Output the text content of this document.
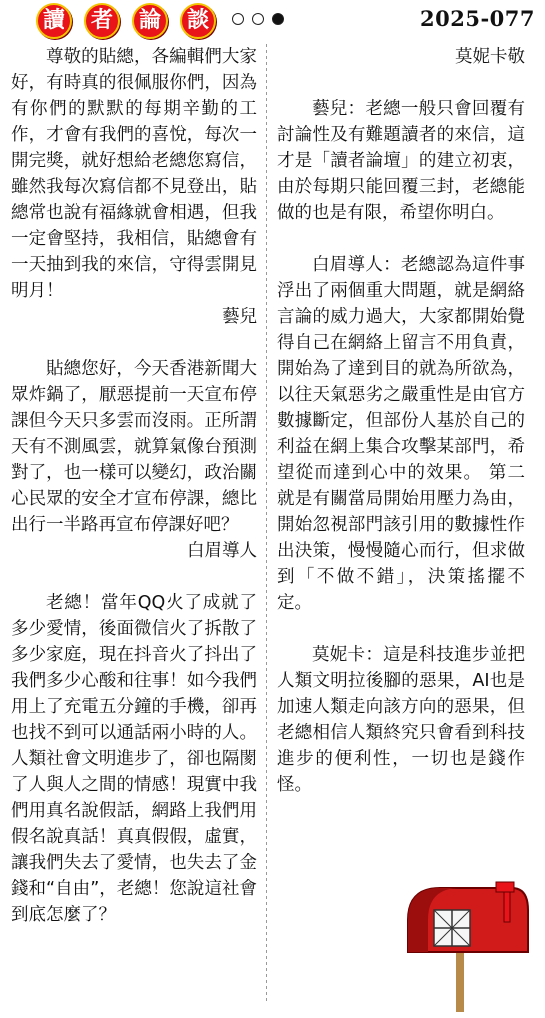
讀	者	論	談	2025-077

尊敬的貼總，各編輯們大家好，有時真的很佩服你們，因為有你們的默默的每期辛勤的工作，才會有我們的喜悅，每次一開完獎，就好想給老總您寫信，雖然我每次寫信都不見登出，貼總常也說有福緣就會相遇，但我一定會堅持，我相信，貼總會有一天抽到我的來信，守得雲開見明月！

藝兒

貼總您好，今天香港新聞大眾炸鍋了，厭惡提前一天宣布停課但今天只多雲而沒雨。正所謂天有不測風雲，就算氣像台預測對了，也一樣可以變幻，政治關心民眾的安全才宣布停課，總比出行一半路再宣布停課好吧？

白眉導人

老總！當年QQ火了成就了多少愛情，後面微信火了拆散了多少家庭，現在抖音火了抖出了我們多少心酸和往事！如今我們用上了充電五分鐘的手機，卻再也找不到可以通話兩小時的人。人類社會文明進步了，卻也隔閡了人與人之間的情感！現實中我們用真名說假話，網路上我們用假名說真話！真真假假，虛實，讓我們失去了愛情，也失去了金錢和“自由”，老總！您說這社會到底怎麼了？

莫妮卡敬

藝兒：老總一般只會回覆有討論性及有難題讀者的來信，這才是「讀者論壇」的建立初衷，由於每期只能回覆三封，老總能做的也是有限，希望你明白。

白眉導人：老總認為這件事浮出了兩個重大問題，就是網絡言論的威力過大，大家都開始覺得自己在網絡上留言不用負責，開始為了達到目的就為所欲為，以往天氣惡劣之嚴重性是由官方數據斷定，但部份人基於自己的利益在網上集合攻擊某部門，希望從而達到心中的效果。 第二就是有關當局開始用壓力為由，開始忽視部門該引用的數據性作出決策，慢慢隨心而行，但求做到「不做不錯」，決策搖擺不定。

莫妮卡：這是科技進步並把人類文明拉後腳的惡果，AI也是加速人類走向該方向的惡果，但老總相信人類終究只會看到科技進步的便利性，一切也是錢作怪。
